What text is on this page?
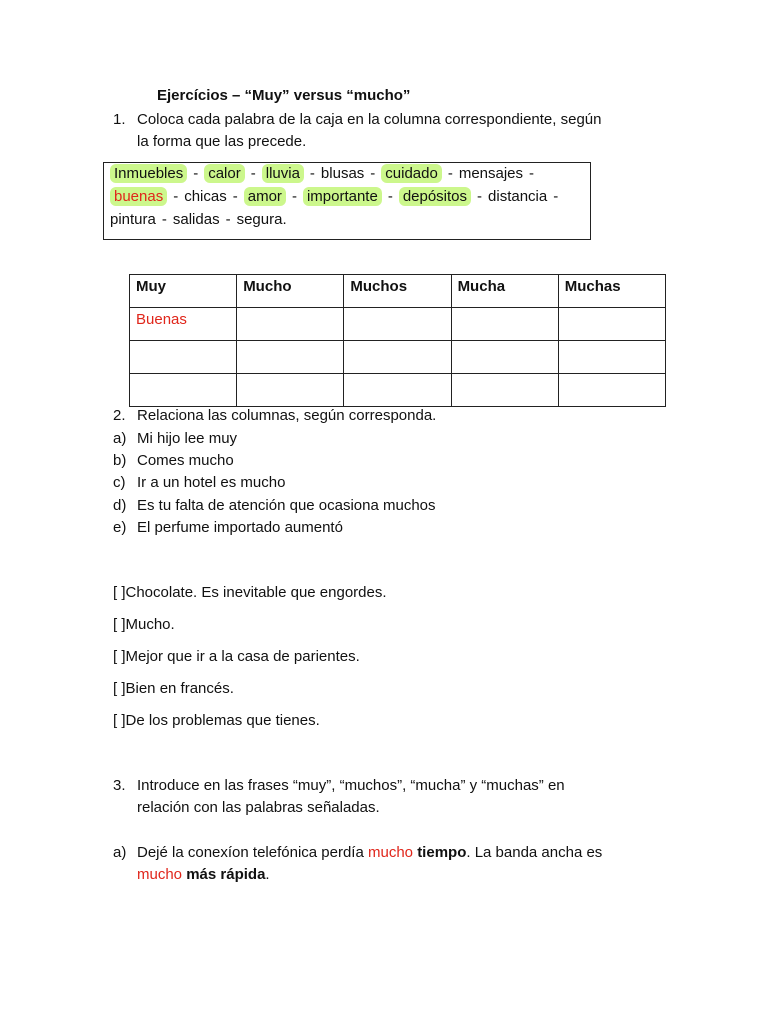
Ejercícios – “Muy” versus “mucho”
1. Coloca cada palabra de la caja en la columna correspondiente, según
la forma que las precede.
Inmuebles - calor - lluvia - blusas - cuidado - mensajes -
buenas - chicas - amor - importante - depósitos - distancia -
pintura - salidas - segura.
Muy	Mucho	Muchos	Mucha	Muchas
Buenas				

2. Relaciona las columnas, según corresponda.
a) Mi hijo lee muy
b) Comes mucho
c) Ir a un hotel es mucho
d) Es tu falta de atención que ocasiona muchos
e) El perfume importado aumentó
[ ]Chocolate. Es inevitable que engordes.
[ ]Mucho.
[ ]Mejor que ir a la casa de parientes.
[ ]Bien en francés.
[ ]De los problemas que tienes.
3. Introduce en las frases “muy”, “muchos”, “mucha” y “muchas” en
relación con las palabras señaladas.
a) Dejé la conexíon telefónica perdía mucho tiempo. La banda ancha es
mucho más rápida.
